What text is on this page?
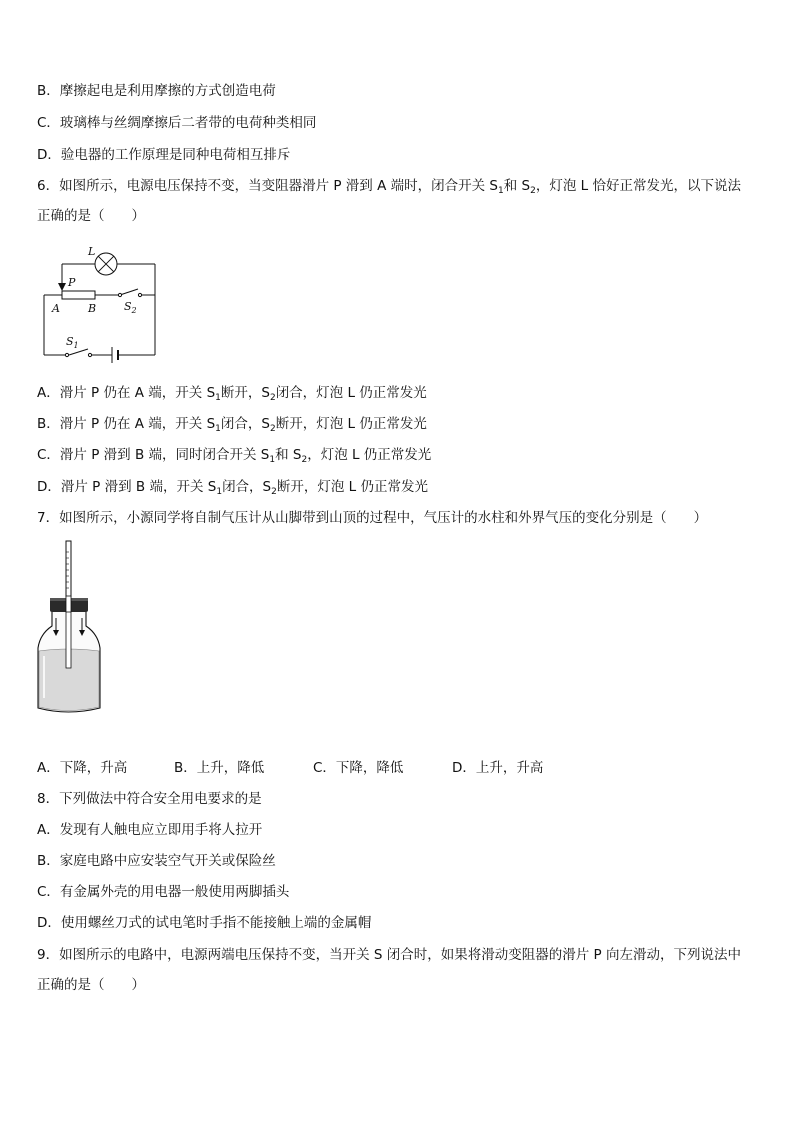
B．摩擦起电是利用摩擦的方式创造电荷
C．玻璃棒与丝绸摩擦后二者带的电荷种类相同
D．验电器的工作原理是同种电荷相互排斥
6．如图所示，电源电压保持不变，当变阻器滑片 P 滑到 A 端时，闭合开关 $S_1$和 $S_2$，灯泡 L 恰好正常发光，以下说法
正确的是（　　）
L
P
A	B	$S_2$
$S_1$
A．滑片 P 仍在 A 端，开关 $S_1$断开，$S_2$闭合，灯泡 L 仍正常发光
B．滑片 P 仍在 A 端，开关 $S_1$闭合，$S_2$断开，灯泡 L 仍正常发光
C．滑片 P 滑到 B 端，同时闭合开关 $S_1$和 $S_2$，灯泡 L 仍正常发光
D．滑片 P 滑到 B 端，开关 $S_1$闭合，$S_2$断开，灯泡 L 仍正常发光
7．如图所示，小源同学将自制气压计从山脚带到山顶的过程中，气压计的水柱和外界气压的变化分别是（　　）
A．下降，升高	B．上升，降低	C．下降，降低	D．上升，升高
8．下列做法中符合安全用电要求的是
A．发现有人触电应立即用手将人拉开
B．家庭电路中应安装空气开关或保险丝
C．有金属外壳的用电器一般使用两脚插头
D．使用螺丝刀式的试电笔时手指不能接触上端的金属帽
9．如图所示的电路中，电源两端电压保持不变，当开关 S 闭合时，如果将滑动变阻器的滑片 P 向左滑动，下列说法中
正确的是（　　）
